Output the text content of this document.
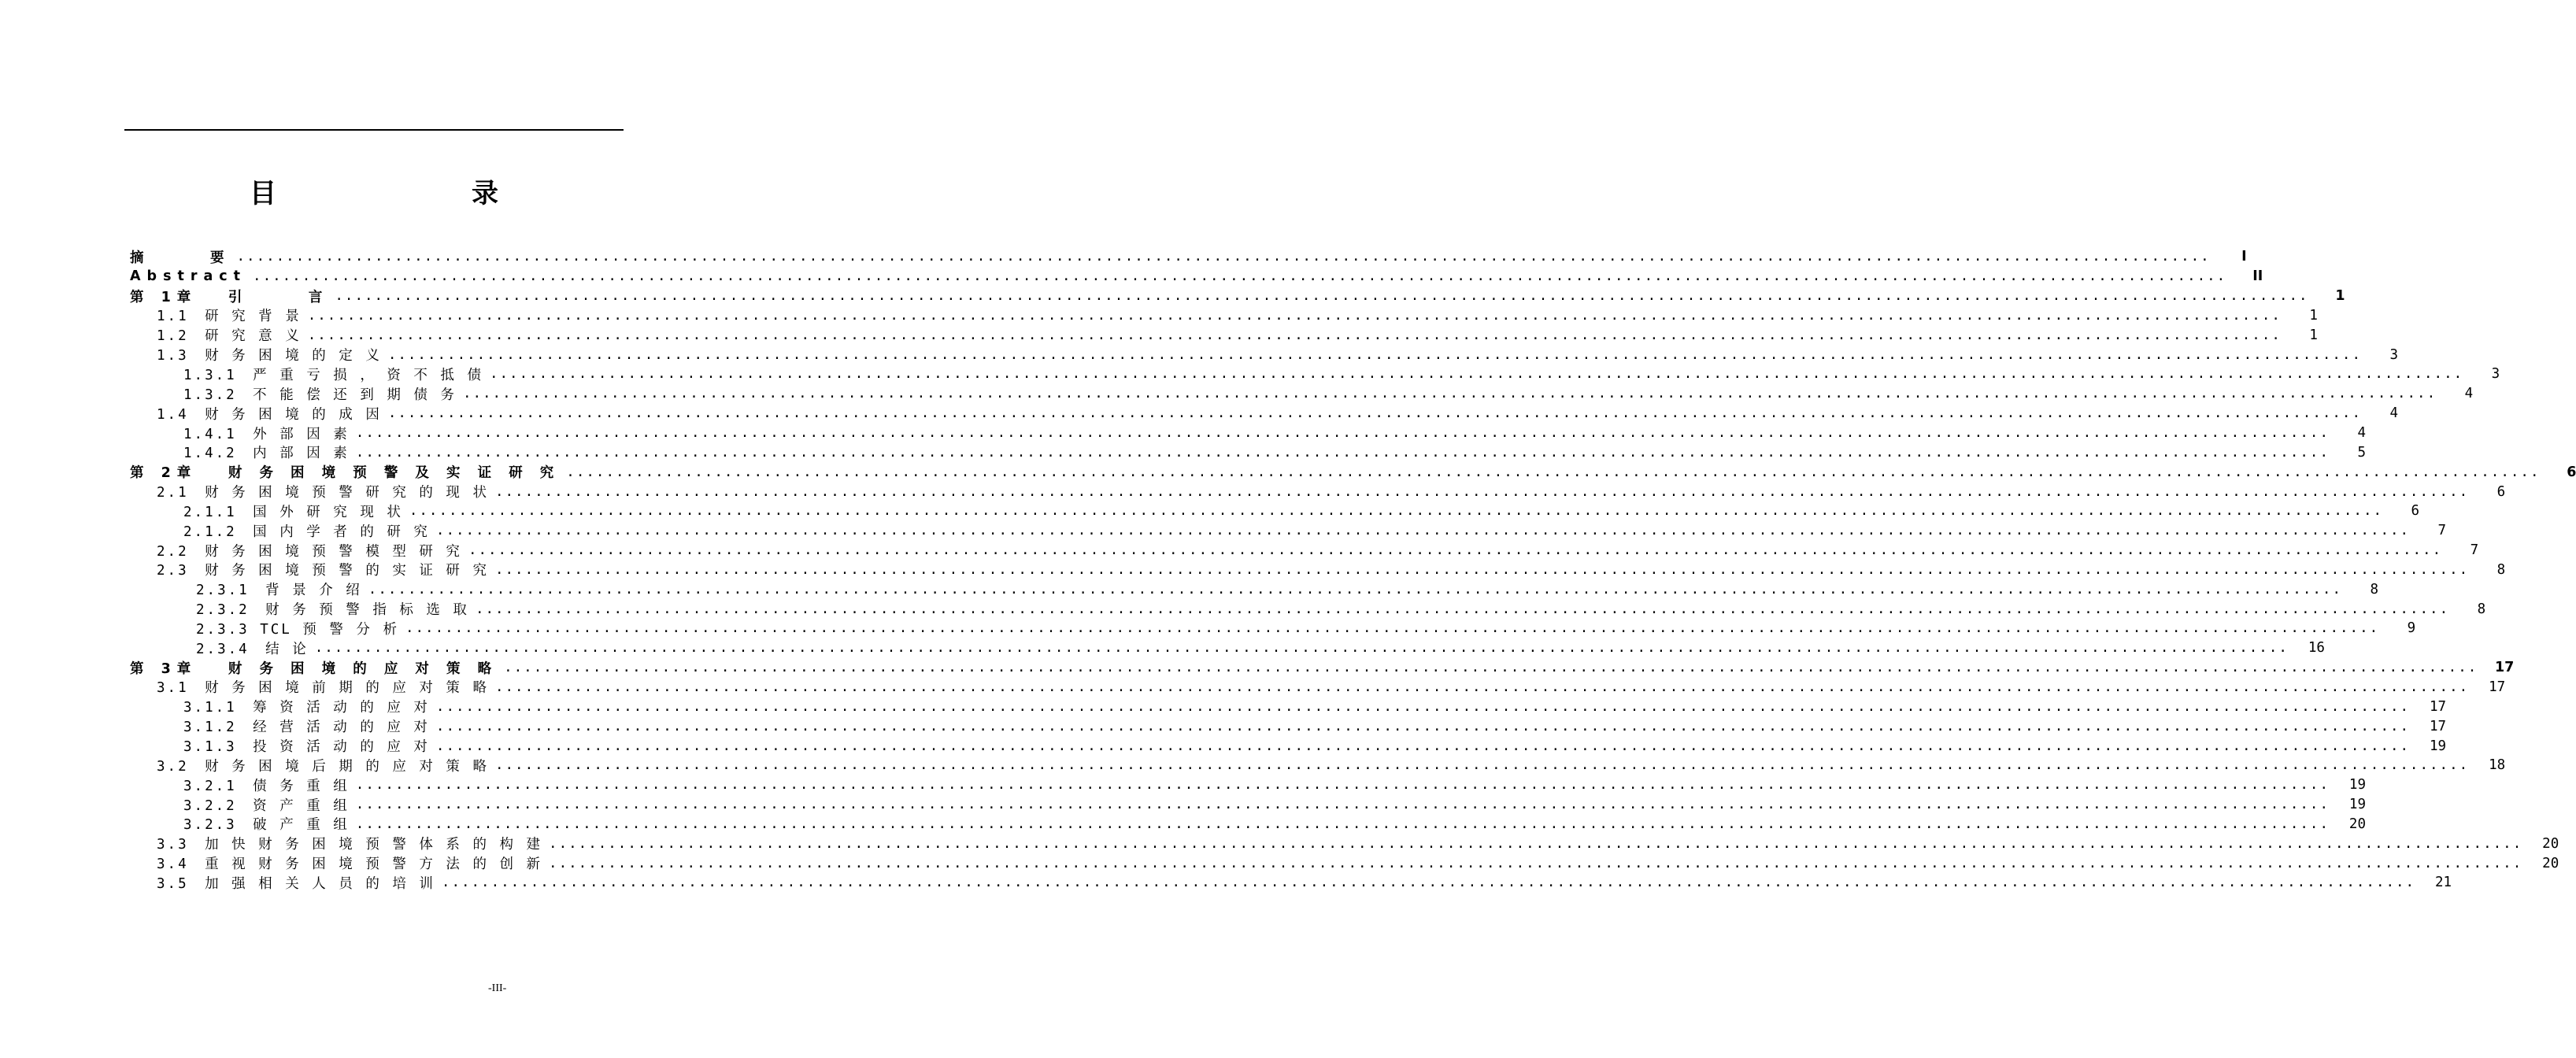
目　　录
摘　　　要 ........................................................................................................................................................................................................	I
Abstract ........................................................................................................................................................................................................	II
第 1章　 引　　　言 ........................................................................................................................................................................................................	1
1.1　研 究 背 景 ........................................................................................................................................................................................................	1
1.2　研 究 意 义 ........................................................................................................................................................................................................	1
1.3　财 务 困 境 的 定 义 ........................................................................................................................................................................................................	3
1.3.1　严 重 亏 损 ， 资 不 抵 债 ........................................................................................................................................................................................................	3
1.3.2　不 能 偿 还 到 期 债 务 ........................................................................................................................................................................................................	4
1.4　财 务 困 境 的 成 因 ........................................................................................................................................................................................................	4
1.4.1　外 部 因 素 ........................................................................................................................................................................................................	4
1.4.2　内 部 因 素 ........................................................................................................................................................................................................	5
第 2章　 财 务 困 境 预 警 及 实 证 研 究 ........................................................................................................................................................................................................	6
2.1　财 务 困 境 预 警 研 究 的 现 状 ........................................................................................................................................................................................................	6
2.1.1　国 外 研 究 现 状 ........................................................................................................................................................................................................	6
2.1.2　国 内 学 者 的 研 究 ........................................................................................................................................................................................................	7
2.2　财 务 困 境 预 警 模 型 研 究 ........................................................................................................................................................................................................	7
2.3　财 务 困 境 预 警 的 实 证 研 究 ........................................................................................................................................................................................................	8
2.3.1　背 景 介 绍 ........................................................................................................................................................................................................	8
2.3.2　财 务 预 警 指 标 选 取 ........................................................................................................................................................................................................	8
2.3.3 TCL 预 警 分 析 ........................................................................................................................................................................................................	9
2.3.4　结 论 ........................................................................................................................................................................................................	16
第 3章　 财 务 困 境 的 应 对 策 略 ........................................................................................................................................................................................................	17
3.1　财 务 困 境 前 期 的 应 对 策 略 ........................................................................................................................................................................................................	17
3.1.1　筹 资 活 动 的 应 对 ........................................................................................................................................................................................................	17
3.1.2　经 营 活 动 的 应 对 ........................................................................................................................................................................................................	17
3.1.3　投 资 活 动 的 应 对 ........................................................................................................................................................................................................	19
3.2　财 务 困 境 后 期 的 应 对 策 略 ........................................................................................................................................................................................................	18
3.2.1　债 务 重 组 ........................................................................................................................................................................................................	19
3.2.2　资 产 重 组 ........................................................................................................................................................................................................	19
3.2.3　破 产 重 组 ........................................................................................................................................................................................................	20
3.3　加 快 财 务 困 境 预 警 体 系 的 构 建 ........................................................................................................................................................................................................	20
3.4　重 视 财 务 困 境 预 警 方 法 的 创 新 ........................................................................................................................................................................................................	20
3.5　加 强 相 关 人 员 的 培 训 ........................................................................................................................................................................................................	21
-III-
